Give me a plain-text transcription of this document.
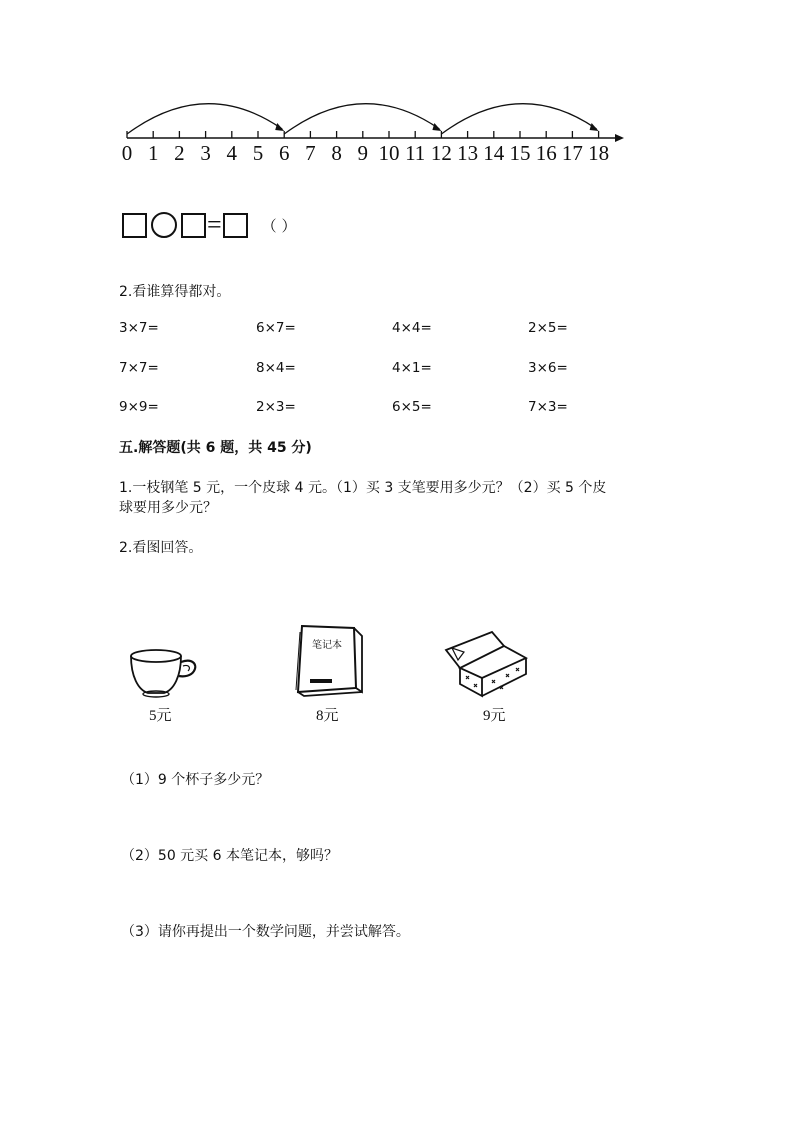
0 1 2 3 4 5 6 7 8 9 10 11 12 13 14 15 16 17 18
=	（ ）
2.看谁算得都对。
3×7=	6×7=	4×4=	2×5=
7×7=	8×4=	4×1=	3×6=
9×9=	2×3=	6×5=	7×3=
五.解答题(共 6 题，共 45 分)
1.一枝钢笔 5 元，一个皮球 4 元。（1）买 3 支笔要用多少元？（2）买 5 个皮
球要用多少元？
2.看图回答。
5元
笔记本
8元	9元
（1）9 个杯子多少元？
（2）50 元买 6 本笔记本，够吗？
（3）请你再提出一个数学问题，并尝试解答。
